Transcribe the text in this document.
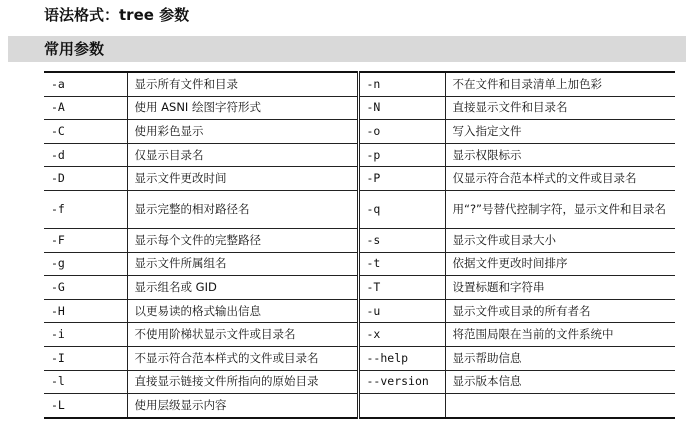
语法格式：tree 参数
常用参数
-a	显示所有文件和目录	-n	不在文件和目录清单上加色彩
-A	使用 ASNI 绘图字符形式	-N	直接显示文件和目录名
-C	使用彩色显示	-o	写入指定文件
-d	仅显示目录名	-p	显示权限标示
-D	显示文件更改时间	-P	仅显示符合范本样式的文件或目录名
-f	显示完整的相对路径名	-q	用“?”号替代控制字符，显示文件和目录名
-F	显示每个文件的完整路径	-s	显示文件或目录大小
-g	显示文件所属组名	-t	依据文件更改时间排序
-G	显示组名或 GID	-T	设置标题和字符串
-H	以更易读的格式输出信息	-u	显示文件或目录的所有者名
-i	不使用阶梯状显示文件或目录名	-x	将范围局限在当前的文件系统中
-I	不显示符合范本样式的文件或目录名	--help	显示帮助信息
-l	直接显示链接文件所指向的原始目录	--version	显示版本信息
-L	使用层级显示内容		
